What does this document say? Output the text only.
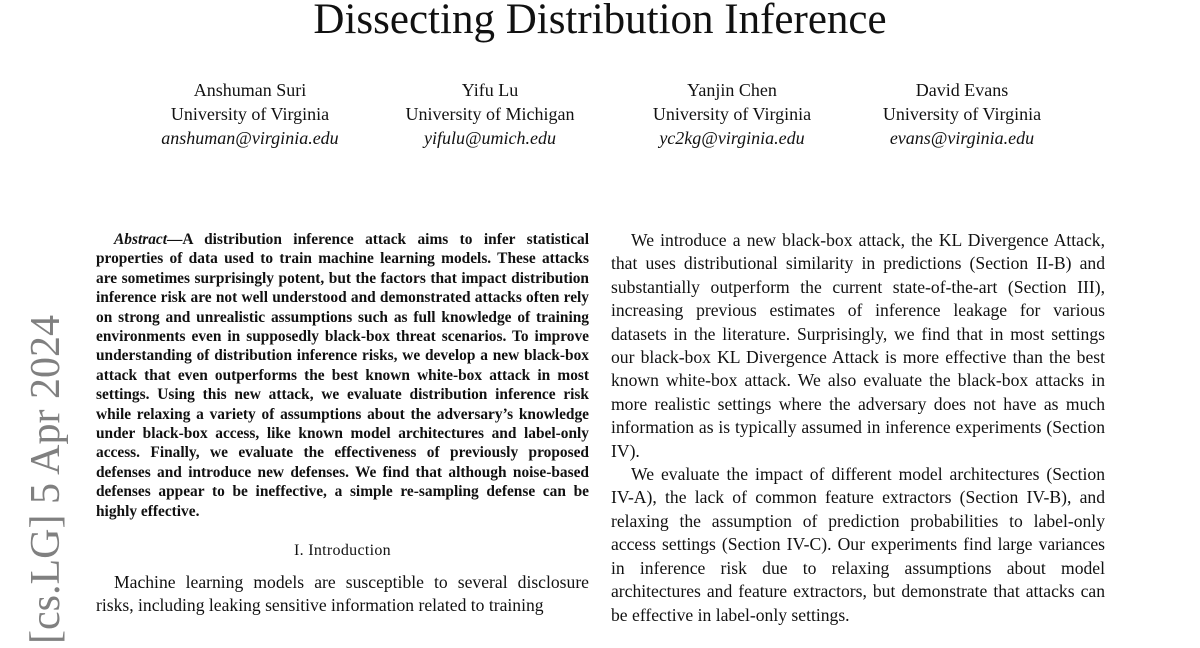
Dissecting Distribution Inference
Anshuman Suri
University of Virginia
anshuman@virginia.edu
Yifu Lu
University of Michigan
yifulu@umich.edu
Yanjin Chen
University of Virginia
yc2kg@virginia.edu
David Evans
University of Virginia
evans@virginia.edu
[cs.LG] 5 Apr 2024

Abstract—A distribution inference attack aims to infer statistical properties of data used to train machine learning models. These attacks are sometimes surprisingly potent, but the factors that impact distribution inference risk are not well understood and demonstrated attacks often rely on strong and unrealistic assumptions such as full knowledge of training environments even in supposedly black-box threat scenarios. To improve understanding of distribution inference risks, we develop a new black-box attack that even outperforms the best known white-box attack in most settings. Using this new attack, we evaluate distribution inference risk while relaxing a variety of assumptions about the adversary’s knowledge under black-box access, like known model architectures and label-only access. Finally, we evaluate the effectiveness of previously proposed defenses and introduce new defenses. We find that although noise-based defenses appear to be ineffective, a simple re-sampling defense can be highly effective.

I. Introduction

Machine learning models are susceptible to several disclosure risks, including leaking sensitive information related to training

We introduce a new black-box attack, the KL Divergence Attack, that uses distributional similarity in predictions (Section II-B) and substantially outperform the current state-of-the-art (Section III), increasing previous estimates of inference leakage for various datasets in the literature. Surprisingly, we find that in most settings our black-box KL Divergence Attack is more effective than the best known white-box attack. We also evaluate the black-box attacks in more realistic settings where the adversary does not have as much information as is typically assumed in inference experiments (Section IV).

We evaluate the impact of different model architectures (Section IV-A), the lack of common feature extractors (Section IV-B), and relaxing the assumption of prediction probabilities to label-only access settings (Section IV-C). Our experiments find large variances in inference risk due to relaxing assumptions about model architectures and feature extractors, but demonstrate that attacks can be effective in label-only settings.
